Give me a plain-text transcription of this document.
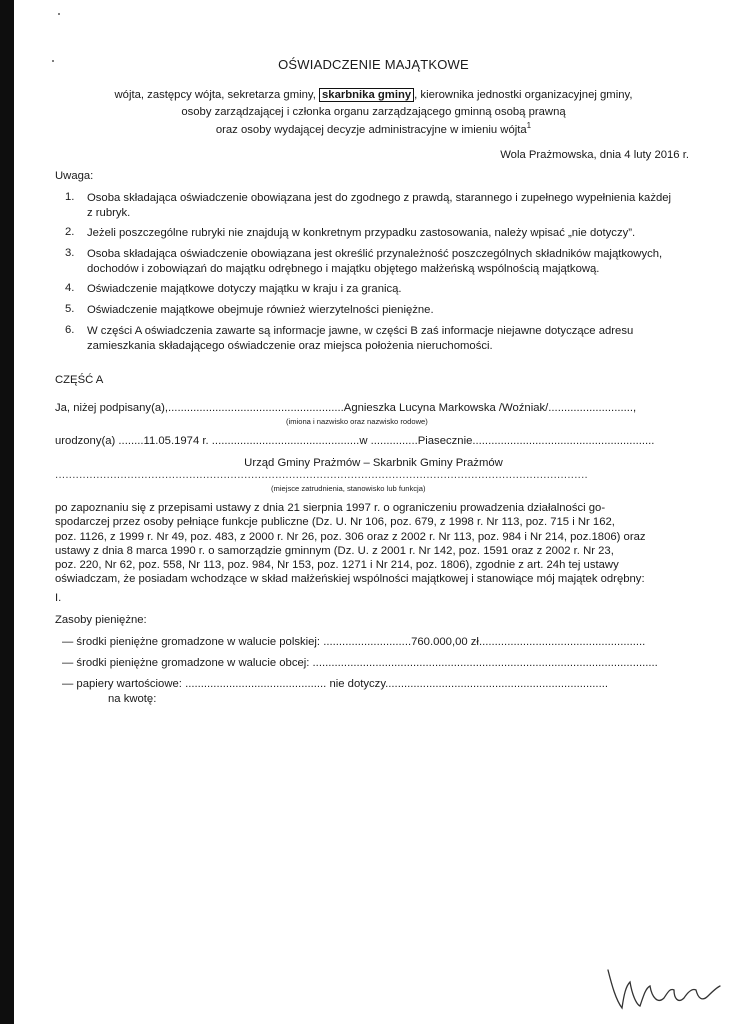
OŚWIADCZENIE MAJĄTKOWE
wójta, zastępcy wójta, sekretarza gminy, skarbnika gminy , kierownika jednostki organizacyjnej gminy,
osoby zarządzającej i członka organu zarządzającego gminną osobą prawną
oraz osoby wydającej decyzje administracyjne w imieniu wójta$^1$
Wola Prażmowska, dnia 4 luty 2016 r.
Uwaga:
1. Osoba składająca oświadczenie obowiązana jest do zgodnego z prawdą, starannego i zupełnego wypełnienia każdej
z rubryk.
2. Jeżeli poszczególne rubryki nie znajdują w konkretnym przypadku zastosowania, należy wpisać „nie dotyczy”.
3. Osoba składająca oświadczenie obowiązana jest określić przynależność poszczególnych składników majątkowych,
dochodów i zobowiązań do majątku odrębnego i majątku objętego małżeńską wspólnością majątkową.
4. Oświadczenie majątkowe dotyczy majątku w kraju i za granicą.
5. Oświadczenie majątkowe obejmuje również wierzytelności pieniężne.
6. W części A oświadczenia zawarte są informacje jawne, w części B zaś informacje niejawne dotyczące adresu
zamieszkania składającego oświadczenie oraz miejsca położenia nieruchomości.
CZĘŚĆ A
Ja, niżej podpisany(a),........................................................Agnieszka Lucyna Markowska /Woźniak/...........................,
(imiona i nazwisko oraz nazwisko rodowe)
urodzony(a) ........11.05.1974 r. ...............................................w ...............Piasecznie..........................................................
Urząd Gminy Prażmów – Skarbnik Gminy Prażmów
...........................................................................................................................................................
(miejsce zatrudnienia, stanowisko lub funkcja)
po zapoznaniu się z przepisami ustawy z dnia 21 sierpnia 1997 r. o ograniczeniu prowadzenia działalności go-
spodarczej przez osoby pełniące funkcje publiczne (Dz. U. Nr 106, poz. 679, z 1998 r. Nr 113, poz. 715 i Nr 162,
poz. 1126, z 1999 r. Nr 49, poz. 483, z 2000 r. Nr 26, poz. 306 oraz z 2002 r. Nr 113, poz. 984 i Nr 214, poz.1806) oraz
ustawy z dnia 8 marca 1990 r. o samorządzie gminnym (Dz. U. z 2001 r. Nr 142, poz. 1591 oraz z 2002 r. Nr 23,
poz. 220, Nr 62, poz. 558, Nr 113, poz. 984, Nr 153, poz. 1271 i Nr 214, poz. 1806), zgodnie z art. 24h tej ustawy
oświadczam, że posiadam wchodzące w skład małżeńskiej wspólności majątkowej i stanowiące mój majątek odrębny:
I.
Zasoby pieniężne:
— środki pieniężne gromadzone w walucie polskiej: ............................760.000,00 zł.....................................................
— środki pieniężne gromadzone w walucie obcej: ..............................................................................................................
— papiery wartościowe: ............................................. nie dotyczy.......................................................................
na kwotę:
